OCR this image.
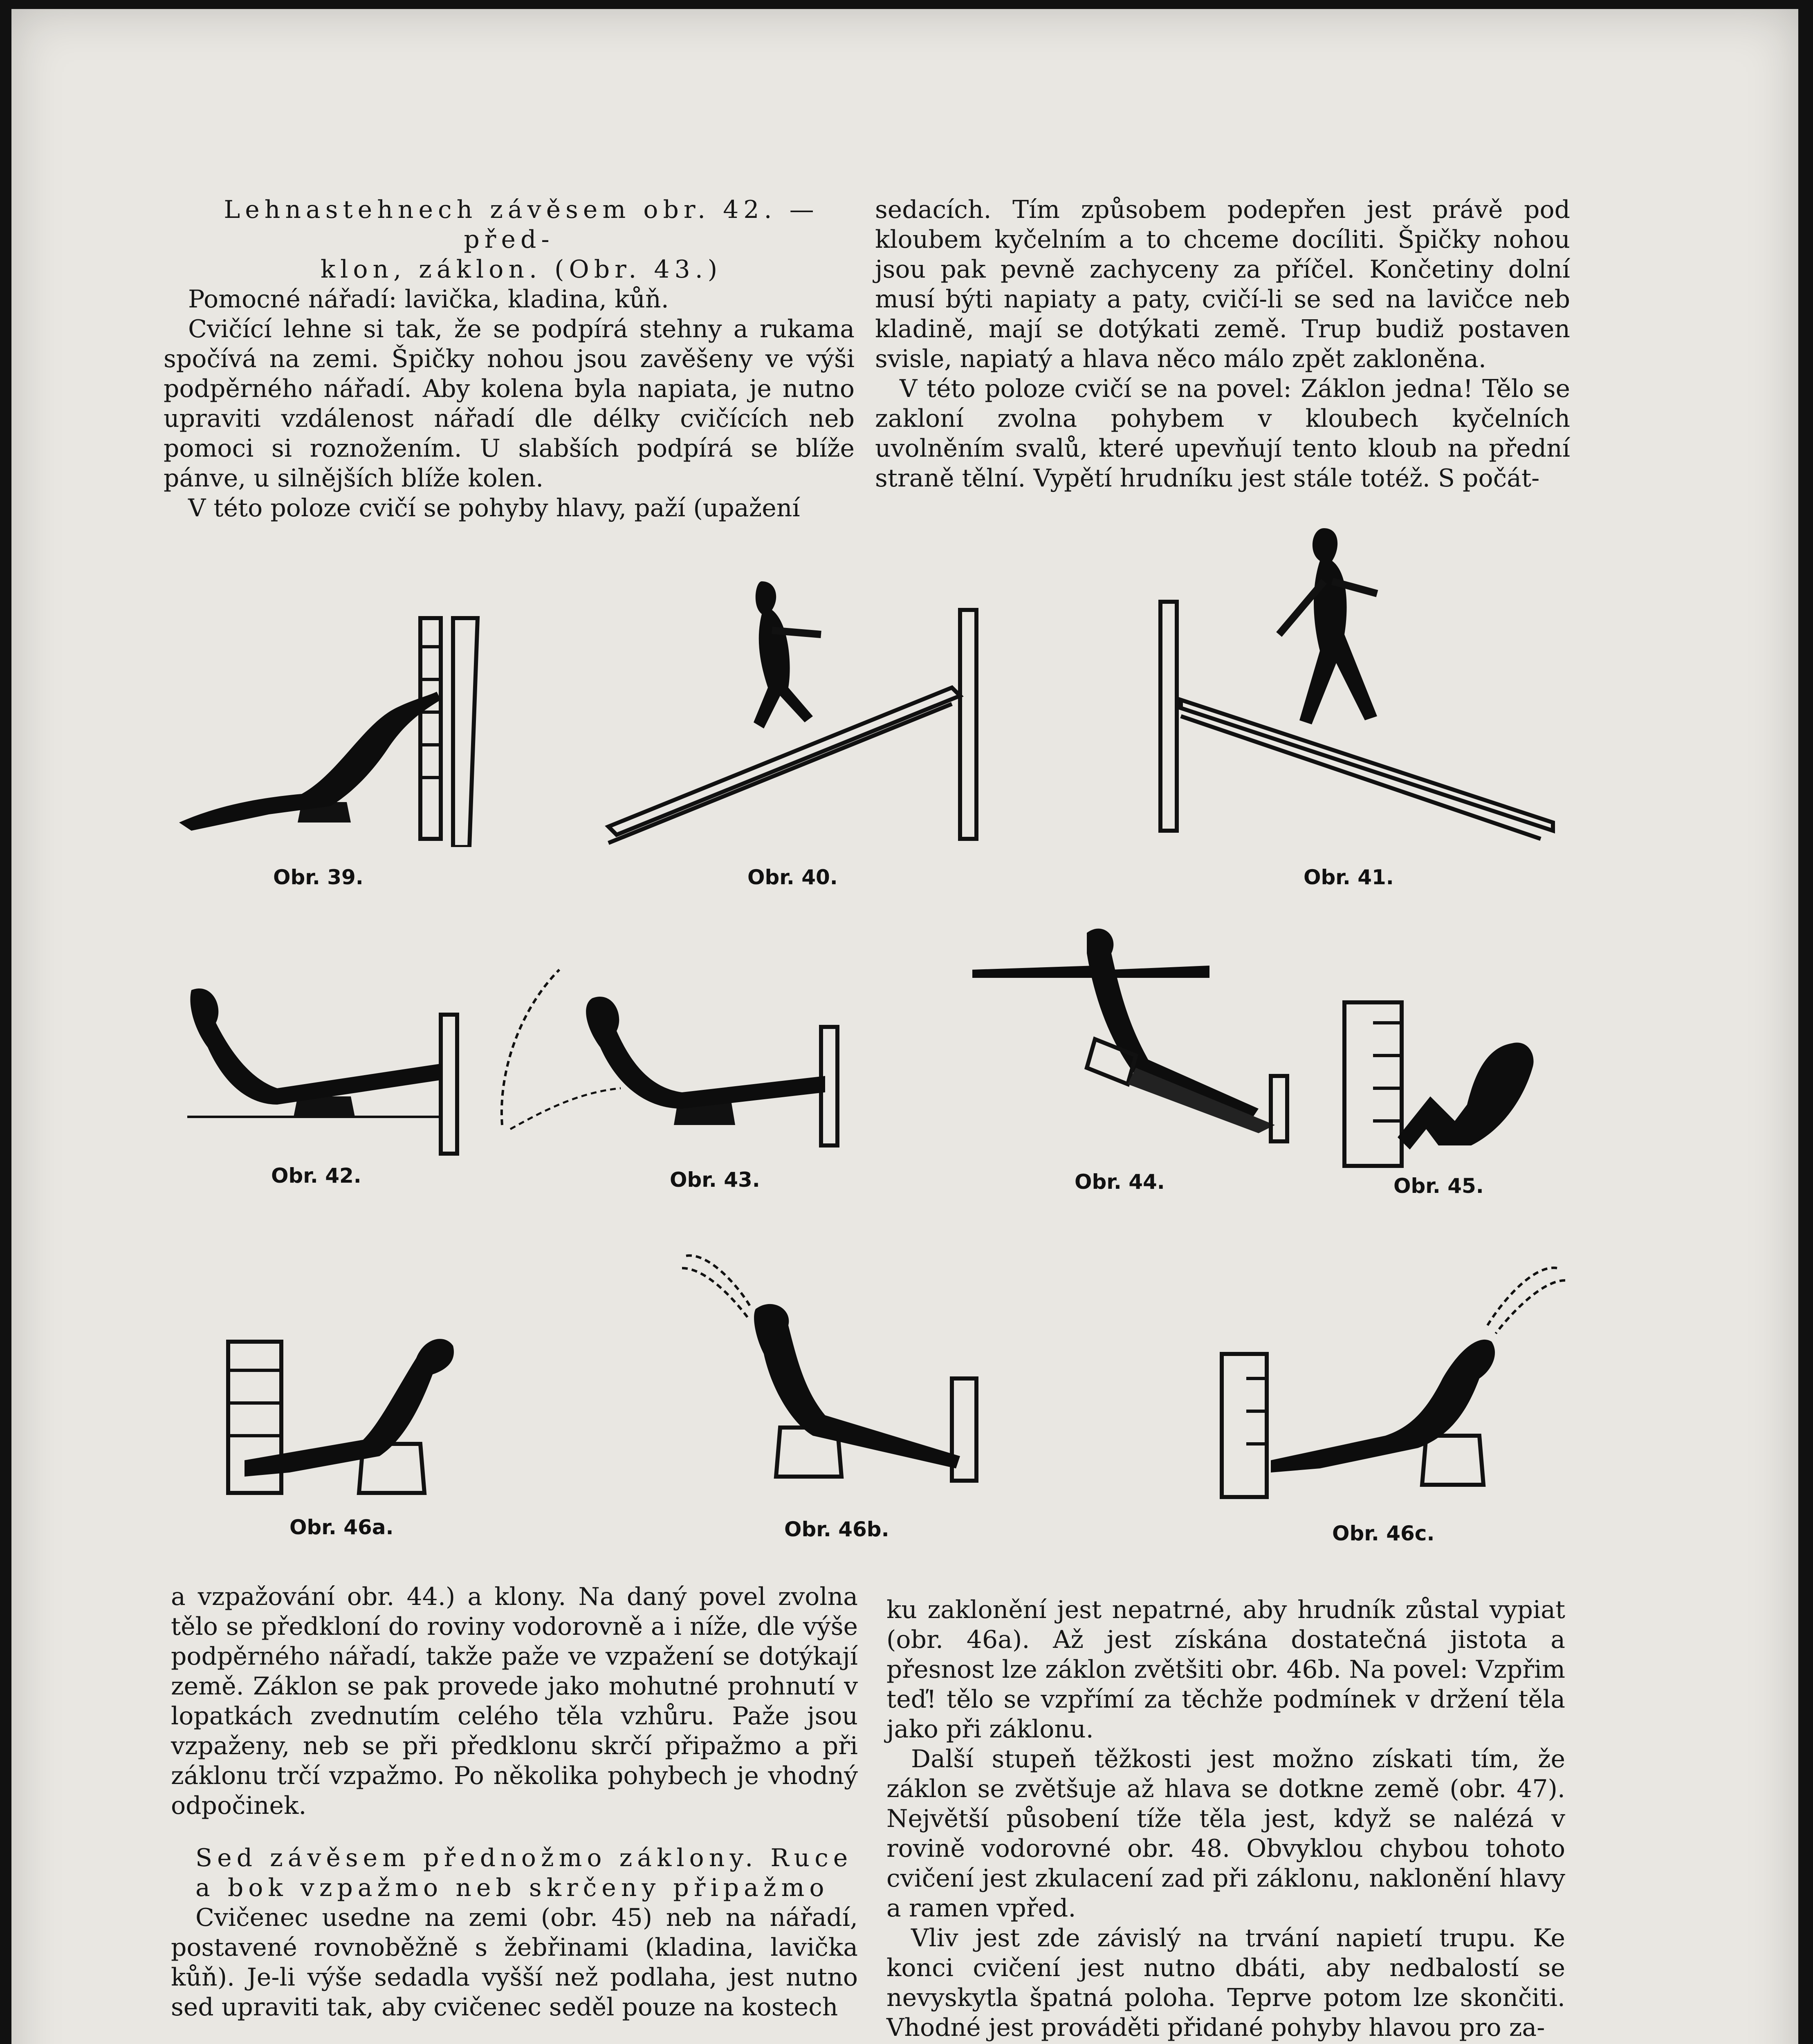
Lehnastehnech závěsem obr. 42. — před-

klon, záklon. (Obr. 43.)

Pomocné nářadí: lavička, kladina, kůň.

Cvičící lehne si tak, že se podpírá stehny a rukama spočívá na zemi. Špičky nohou jsou zavěšeny ve výši podpěrného nářadí. Aby kolena byla napiata, je nutno upraviti vzdálenost nářadí dle délky cvičících neb pomoci si roznožením. U slabších podpírá se blíže pánve, u silnějších blíže kolen.

V této poloze cvičí se pohyby hlavy, paží (upažení

sedacích. Tím způsobem podepřen jest právě pod kloubem kyčelním a to chceme docíliti. Špičky nohou jsou pak pevně zachyceny za příčel. Končetiny dolní musí býti napiaty a paty, cvičí-li se sed na lavičce neb kladině, mají se dotýkati země. Trup budiž postaven svisle, napiatý a hlava něco málo zpět zakloněna.

V této poloze cvičí se na povel: Záklon jedna! Tělo se zakloní zvolna pohybem v kloubech kyčelních uvolněním svalů, které upevňují tento kloub na přední straně tělní. Vypětí hrudníku jest stále totéž. S počát-

Obr. 39.	Obr. 40.	Obr. 41.
Obr. 42.	Obr. 43.	Obr. 44.	Obr. 45.
Obr. 46a.	Obr. 46b.	Obr. 46c.

a vzpažování obr. 44.) a klony. Na daný povel zvolna tělo se předkloní do roviny vodorovně a i níže, dle výše podpěrného nářadí, takže paže ve vzpažení se dotýkají země. Záklon se pak provede jako mohutné prohnutí v lopatkách zvednutím celého těla vzhůru. Paže jsou vzpaženy, neb se při předklonu skrčí připažmo a při záklonu trčí vzpažmo. Po několika pohybech je vhodný odpočinek.

Sed závěsem přednožmo záklony. Ruce

a bok vzpažmo neb skrčeny připažmo

Cvičenec usedne na zemi (obr. 45) neb na nářadí, postavené rovnoběžně s žebřinami (kladina, lavička kůň). Je-li výše sedadla vyšší než podlaha, jest nutno sed upraviti tak, aby cvičenec seděl pouze na kostech

ku zaklonění jest nepatrné, aby hrudník zůstal vypiat (obr. 46a). Až jest získána dostatečná jistota a přesnost lze záklon zvětšiti obr. 46b. Na povel: Vzpřim teď! tělo se vzpřímí za těchže podmínek v držení těla jako při záklonu.

Další stupeň těžkosti jest možno získati tím, že záklon se zvětšuje až hlava se dotkne země (obr. 47). Největší působení tíže těla jest, když se nalézá v rovině vodorovné obr. 48. Obvyklou chybou tohoto cvičení jest zkulacení zad při záklonu, naklonění hlavy a ramen vpřed.

Vliv jest zde závislý na trvání napietí trupu. Ke konci cvičení jest nutno dbáti, aby nedbalostí se nevyskytla špatná poloha. Teprve potom lze skončiti. Vhodné jest prováděti přidané pohyby hlavou pro za-
